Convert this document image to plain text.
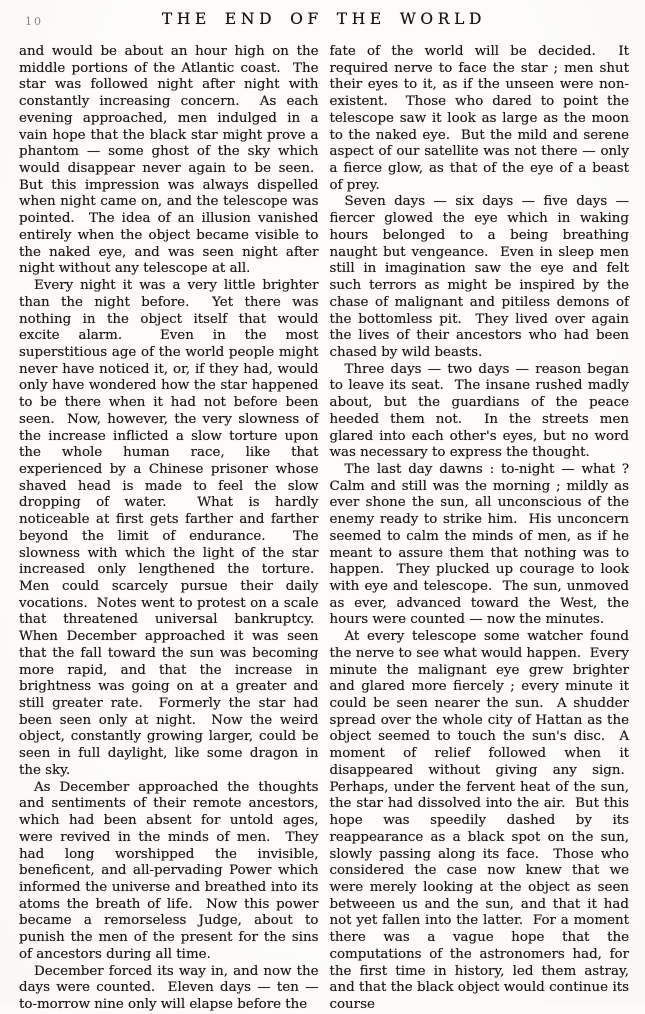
10	THE END OF THE WORLD

and would be about an hour high on the middle portions of the Atlantic coast.  The star was followed night after night with constantly increasing concern.  As each evening approached, men indulged in a vain hope that the black star might prove a phantom — some ghost of the sky which would disappear never again to be seen.  But this impression was always dispelled when night came on, and the telescope was pointed.  The idea of an illusion vanished entirely when the object became visible to the naked eye, and was seen night after night without any telescope at all.

Every night it was a very little brighter than the night before.  Yet there was nothing in the object itself that would excite alarm.  Even in the most superstitious age of the world people might never have noticed it, or, if they had, would only have wondered how the star happened to be there when it had not before been seen.  Now, however, the very slowness of the increase inflicted a slow torture upon the whole human race, like that experienced by a Chinese prisoner whose shaved head is made to feel the slow dropping of water.  What is hardly noticeable at first gets farther and farther beyond the limit of endurance.  The slowness with which the light of the star increased only lengthened the torture.  Men could scarcely pursue their daily vocations.  Notes went to protest on a scale that threatened universal bankruptcy.  When December approached it was seen that the fall toward the sun was becoming more rapid, and that the increase in brightness was going on at a greater and still greater rate.  Formerly the star had been seen only at night.  Now the weird object, constantly growing larger, could be seen in full daylight, like some dragon in the sky.

As December approached the thoughts and sentiments of their remote ancestors, which had been absent for untold ages, were revived in the minds of men.  They had long worshipped the invisible, beneficent, and all-pervading Power which informed the universe and breathed into its atoms the breath of life.  Now this power became a remorseless Judge, about to punish the men of the present for the sins of ancestors during all time.

December forced its way in, and now the days were counted.  Eleven days — ten — to-morrow nine only will elapse before the

fate of the world will be decided.  It required nerve to face the star ; men shut their eyes to it, as if the unseen were non-existent.  Those who dared to point the telescope saw it look as large as the moon to the naked eye.  But the mild and serene aspect of our satellite was not there — only a fierce glow, as that of the eye of a beast of prey.

Seven days — six days — five days — fiercer glowed the eye which in waking hours belonged to a being breathing naught but vengeance.  Even in sleep men still in imagination saw the eye and felt such terrors as might be inspired by the chase of malignant and pitiless demons of the bottomless pit.  They lived over again the lives of their ancestors who had been chased by wild beasts.

Three days — two days — reason began to leave its seat.  The insane rushed madly about, but the guardians of the peace heeded them not.  In the streets men glared into each other's eyes, but no word was necessary to express the thought.

The last day dawns : to-night — what ? Calm and still was the morning ; mildly as ever shone the sun, all unconscious of the enemy ready to strike him.  His unconcern seemed to calm the minds of men, as if he meant to assure them that nothing was to happen.  They plucked up courage to look with eye and telescope.  The sun, unmoved as ever, advanced toward the West, the hours were counted — now the minutes.

At every telescope some watcher found the nerve to see what would happen.  Every minute the malignant eye grew brighter and glared more fiercely ; every minute it could be seen nearer the sun.  A shudder spread over the whole city of Hattan as the object seemed to touch the sun's disc.  A moment of relief followed when it disappeared without giving any sign.  Perhaps, under the fervent heat of the sun, the star had dissolved into the air.  But this hope was speedily dashed by its reappearance as a black spot on the sun, slowly passing along its face.  Those who considered the case now knew that we were merely looking at the object as seen betweeen us and the sun, and that it had not yet fallen into the latter.  For a moment there was a vague hope that the computations of the astronomers had, for the first time in history, led them astray, and that the black object would continue its course
